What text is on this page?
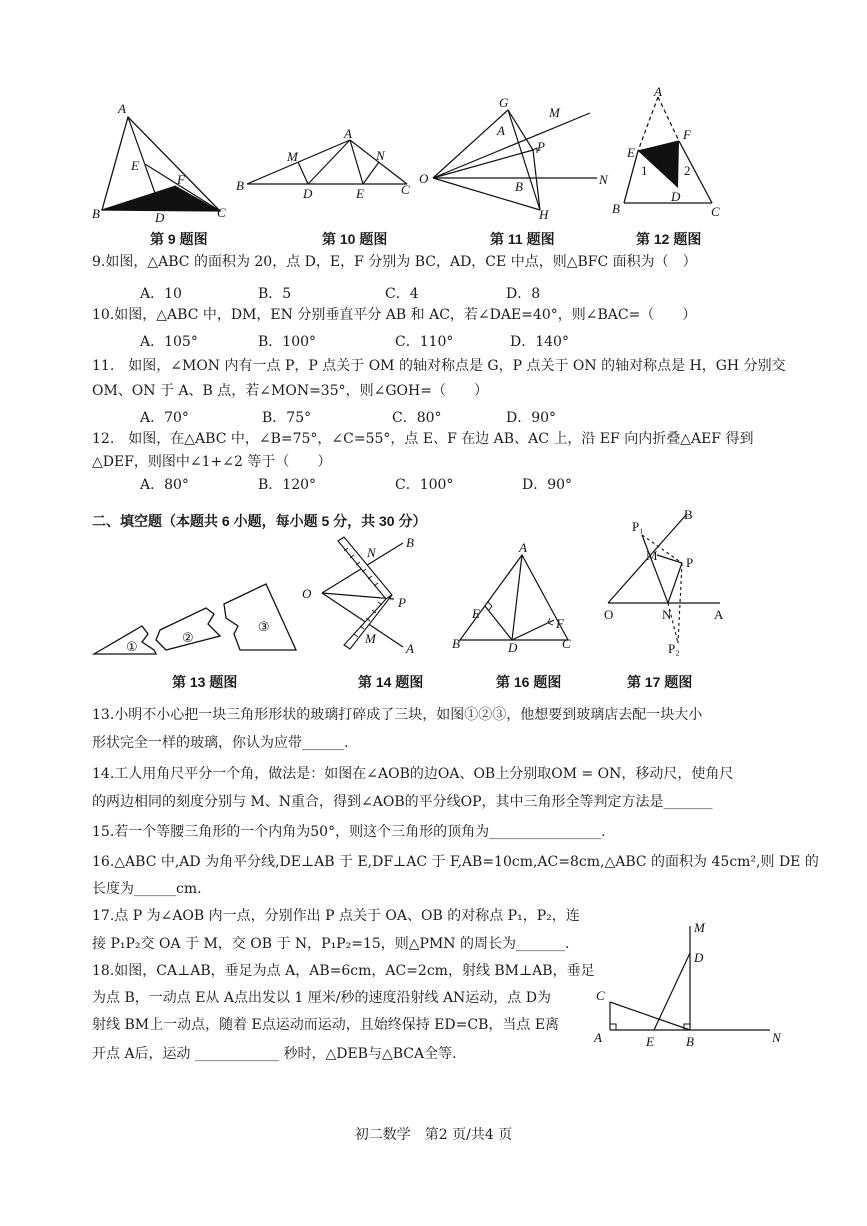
A
B	C
D
E
F
第 9 题图
A
B	C
D	E
M	N
第 10 题图
G
M
A
P
O	N
B
H
第 11 题图
A
F
E
1	2
D
B	C
第 12 题图
9.如图，△ABC 的面积为 20，点 D，E，F 分别为 BC，AD，CE 中点，则△BFC 面积为（　）
A．10	B．5	C．4	D．8
10.如图，△ABC 中，DM，EN 分别垂直平分 AB 和 AC，若∠DAE=40°，则∠BAC=（　　）
A．105°	B．100°	C．110°	D．140°
11.　如图，∠MON 内有一点 P，P 点关于 OM 的轴对称点是 G，P 点关于 ON 的轴对称点是 H，GH 分别交
OM、ON 于 A、B 点，若∠MON=35°，则∠GOH=（　　）
A．70°	B．75°	C．80°	D．90°
12.　如图，在△ABC 中，∠B=75°，∠C=55°，点 E、F 在边 AB、AC 上，沿 EF 向内折叠△AEF 得到
△DEF，则图中∠1+∠2 等于（　　）
A．80°	B．120°	C．100°	D．90°
二、填空题（本题共 6 小题，每小题 5 分，共 30 分）
①
②
③
第 13 题图
N
B
O
P
M
A
第 14 题图
A
E
F
B	D	C
第 16 题图
P₁
B
M P
O	N	A
P₂
第 17 题图
13.小明不小心把一块三角形形状的玻璃打碎成了三块，如图①②③，他想要到玻璃店去配一块大小
形状完全一样的玻璃，你认为应带______.
14.工人用角尺平分一个角，做法是：如图在∠AOB的边OA、OB上分别取OM = ON，移动尺，使角尺
的两边相同的刻度分别与 M、N重合，得到∠AOB的平分线OP，其中三角形全等判定方法是_______
15.若一个等腰三角形的一个内角为50°，则这个三角形的顶角为________________.
16.△ABC 中,AD 为角平分线,DE⊥AB 于 E,DF⊥AC 于 F,AB=10cm,AC=8cm,△ABC 的面积为 45cm²,则 DE 的
长度为______cm.
17.点 P 为∠AOB 内一点，分别作出 P 点关于 OA、OB 的对称点 P₁，P₂，连
接 P₁P₂交 OA 于 M，交 OB 于 N，P₁P₂=15，则△PMN 的周长为_______.
M
D
C
A	E B	N
18.如图，CA⊥AB，垂足为点 A，AB=6cm，AC=2cm，射线 BM⊥AB，垂足
为点 B，一动点 E从 A点出发以 1 厘米/秒的速度沿射线 AN运动，点 D为
射线 BM上一动点，随着 E点运动而运动，且始终保持 ED=CB，当点 E离
开点 A后，运动 ____________ 秒时，△DEB与△BCA全等.
初二数学　第2 页/共4 页
